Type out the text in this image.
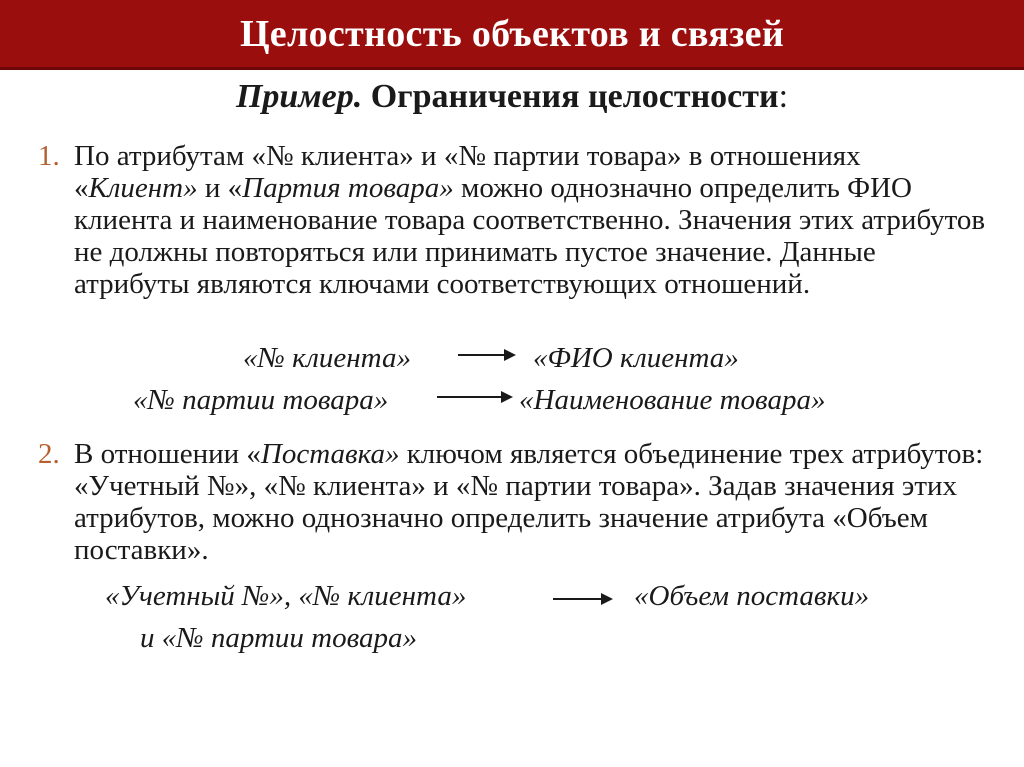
Целостность объектов и связей
Пример. Ограничения целостности:
1. По атрибутам «№ клиента» и «№ партии товара» в отношениях «Клиент» и «Партия товара» можно однозначно определить ФИО клиента и наименование товара соответственно. Значения этих атрибутов не должны повторяться или принимать пустое значение. Данные атрибуты являются ключами соответствующих отношений.
«№ клиента»	«ФИО клиента»
«№ партии товара»	«Наименование товара»
2. В отношении «Поставка» ключом является объединение трех атрибутов: «Учетный №», «№ клиента» и «№ партии товара». Задав значения этих атрибутов, можно однозначно определить значение атрибута «Объем поставки».
«Учетный №», «№ клиента»	«Объем поставки»
и «№ партии товара»
